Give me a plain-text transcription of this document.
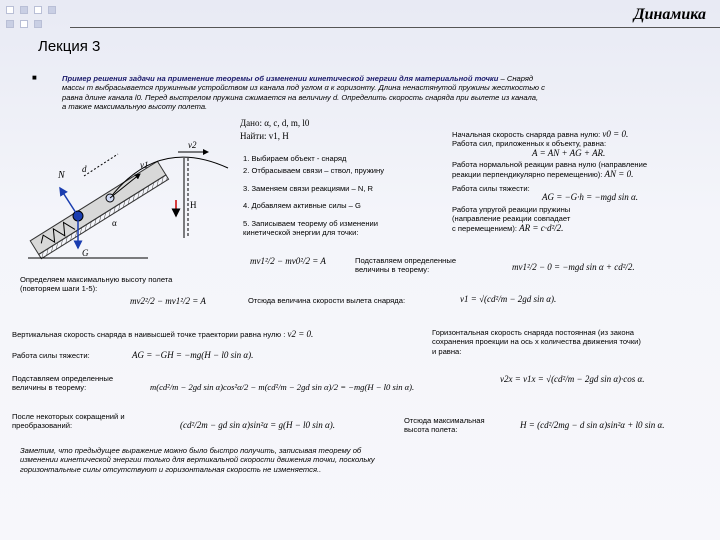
Динамика
Лекция 3
■	Пример решения задачи на применение теоремы об изменении кинетической энергии для материальной точки – Снаряд
массы m выбрасывается пружинным устройством из канала под углом α к горизонту. Длина ненастянутой пружины жесткостью c
равна длине канала l0. Перед выстрелом пружина сжимается на величину d. Определить скорость снаряда при вылете из канала,
а также максимальную высоту полета.
Дано: α, c, d, m, l0
Найти: v1, H
d	v1
v2
N
H
G
α
1. Выбираем объект - снаряд
2. Отбрасываем связи – ствол, пружину
3. Заменяем связи реакциями – N, R
4. Добавляем активные силы – G
5. Записываем теорему об изменении
кинетической энергии для точки:
mv1²/2 − mv0²/2 = A
Начальная скорость снаряда равна нулю: v0 = 0.
Работа сил, приложенных к объекту, равна:
A = AN + AG + AR.
Работа нормальной реакции равна нулю (направление
реакции перпендикулярно перемещению): AN = 0.
Работа силы тяжести:
AG = −G·h = −mgd sin α.
Работа упругой реакции пружины
(направление реакции совпадает
с перемещением): AR = c·d²/2.
Подставляем определенные
величины в теорему:	mv1²/2 − 0 = −mgd sin α + cd²/2.
Определяем максимальную высоту полета
(повторяем шаги 1-5):
mv2²/2 − mv1²/2 = A	Отсюда величина скорости вылета снаряда:	v1 = √(cd²/m − 2gd sin α).
Вертикальная скорость снаряда в наивысшей точке траектории равна нулю : v2 = 0.	Горизонтальная скорость снаряда постоянная (из закона
сохранения проекции на ось x количества движения точки)
и равна:
Работа силы тяжести:	AG = −GH = −mg(H − l0 sin α).
v2x = v1x = √(cd²/m − 2gd sin α)·cos α.
Подставляем определенные
величины в теорему:	m(cd²/m − 2gd sin α)cos²α/2 − m(cd²/m − 2gd sin α)/2 = −mg(H − l0 sin α).
После некоторых сокращений и
преобразований:	(cd²/2m − gd sin α)sin²α = g(H − l0 sin α).	Отсюда максимальная
высота полета:	H = (cd²/2mg − d sin α)sin²α + l0 sin α.
Заметим, что предыдущее выражение можно было быстро получить, записывая теорему об изменении кинетической энергии только для вертикальной скорости движения точки, поскольку горизонтальные силы отсутствуют и горизонтальная скорость не изменяется..
